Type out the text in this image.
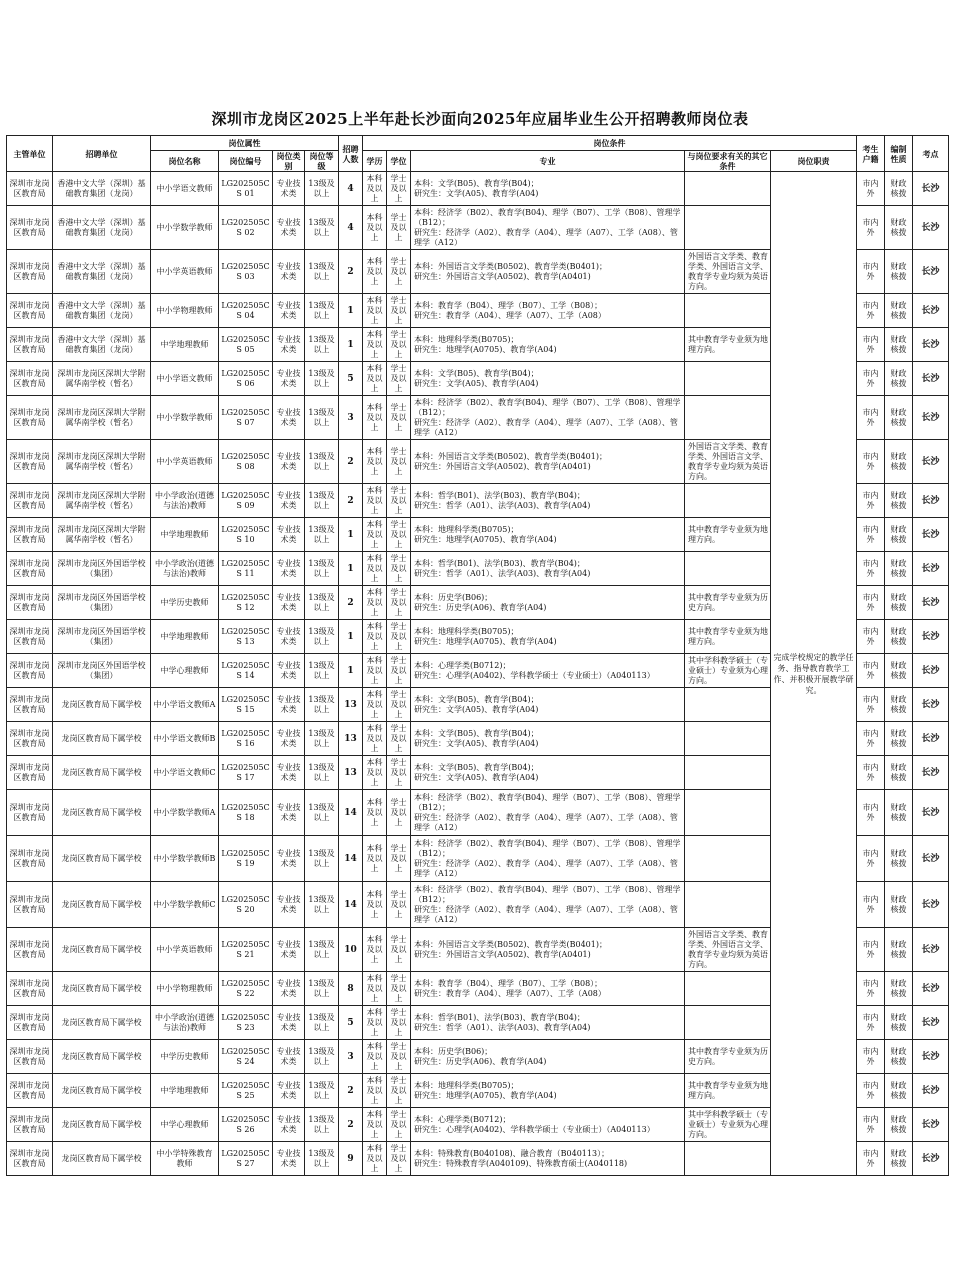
深圳市龙岗区2025上半年赴长沙面向2025年应届毕业生公开招聘教师岗位表
主管单位	招聘单位	岗位属性				招聘人数	岗位条件					考生户籍	编制性质	考点
		岗位名称	岗位编号	岗位类别	岗位等级		学历	学位	专业	与岗位要求有关的其它条件	岗位职责			
深圳市龙岗区教育局	香港中文大学（深圳）基础教育集团（龙岗）	中小学语文教师	LG202505CS 01	专业技术类	13级及以上	4	本科及以上	学士及以上	本科：文学(B05)、教育学(B04)；
研究生：文学(A05)、教育学(A04)		完成学校规定的教学任务、指导教育教学工作、并积极开展教学研究。	市内外	财政核拨	长沙
深圳市龙岗区教育局	香港中文大学（深圳）基础教育集团（龙岗）	中小学数学教师	LG202505CS 02	专业技术类	13级及以上	4	本科及以上	学士及以上	本科：经济学（B02）、教育学(B04)、理学（B07）、工学（B08）、管理学（B12）；
研究生：经济学（A02）、教育学（A04）、理学（A07）、工学（A08）、管理学（A12）			市内外	财政核拨	长沙
深圳市龙岗区教育局	香港中文大学（深圳）基础教育集团（龙岗）	中小学英语教师	LG202505CS 03	专业技术类	13级及以上	2	本科及以上	学士及以上	本科：外国语言文学类(B0502)、教育学类(B0401)；
研究生：外国语言文学(A0502)、教育学(A0401)	外国语言文学类、教育学类、外国语言文学、教育学专业均须为英语方向。		市内外	财政核拨	长沙
深圳市龙岗区教育局	香港中文大学（深圳）基础教育集团（龙岗）	中小学物理教师	LG202505CS 04	专业技术类	13级及以上	1	本科及以上	学士及以上	本科：教育学（B04）、理学（B07）、工学（B08）；
研究生：教育学（A04）、理学（A07）、工学（A08）			市内外	财政核拨	长沙
深圳市龙岗区教育局	香港中文大学（深圳）基础教育集团（龙岗）	中学地理教师	LG202505CS 05	专业技术类	13级及以上	1	本科及以上	学士及以上	本科：地理科学类(B0705)；
研究生：地理学(A0705)、教育学(A04)	其中教育学专业须为地理方向。		市内外	财政核拨	长沙
深圳市龙岗区教育局	深圳市龙岗区深圳大学附属华南学校（暂名）	中小学语文教师	LG202505CS 06	专业技术类	13级及以上	5	本科及以上	学士及以上	本科：文学(B05)、教育学(B04)；
研究生：文学(A05)、教育学(A04)			市内外	财政核拨	长沙
深圳市龙岗区教育局	深圳市龙岗区深圳大学附属华南学校（暂名）	中小学数学教师	LG202505CS 07	专业技术类	13级及以上	3	本科及以上	学士及以上	本科：经济学（B02）、教育学(B04)、理学（B07）、工学（B08）、管理学（B12）；
研究生：经济学（A02）、教育学（A04）、理学（A07）、工学（A08）、管理学（A12）			市内外	财政核拨	长沙
深圳市龙岗区教育局	深圳市龙岗区深圳大学附属华南学校（暂名）	中小学英语教师	LG202505CS 08	专业技术类	13级及以上	2	本科及以上	学士及以上	本科：外国语言文学类(B0502)、教育学类(B0401)；
研究生：外国语言文学(A0502)、教育学(A0401)	外国语言文学类、教育学类、外国语言文学、教育学专业均须为英语方向。		市内外	财政核拨	长沙
深圳市龙岗区教育局	深圳市龙岗区深圳大学附属华南学校（暂名）	中小学政治(道德与法治)教师	LG202505CS 09	专业技术类	13级及以上	2	本科及以上	学士及以上	本科：哲学(B01)、法学(B03)、教育学(B04)；
研究生：哲学（A01）、法学(A03)、教育学(A04)			市内外	财政核拨	长沙
深圳市龙岗区教育局	深圳市龙岗区深圳大学附属华南学校（暂名）	中学地理教师	LG202505CS 10	专业技术类	13级及以上	1	本科及以上	学士及以上	本科：地理科学类(B0705)；
研究生：地理学(A0705)、教育学(A04)	其中教育学专业须为地理方向。		市内外	财政核拨	长沙
深圳市龙岗区教育局	深圳市龙岗区外国语学校（集团）	中小学政治(道德与法治)教师	LG202505CS 11	专业技术类	13级及以上	1	本科及以上	学士及以上	本科：哲学(B01)、法学(B03)、教育学(B04)；
研究生：哲学（A01）、法学(A03)、教育学(A04)			市内外	财政核拨	长沙
深圳市龙岗区教育局	深圳市龙岗区外国语学校（集团）	中学历史教师	LG202505CS 12	专业技术类	13级及以上	2	本科及以上	学士及以上	本科：历史学(B06)；
研究生：历史学(A06)、教育学(A04)	其中教育学专业须为历史方向。		市内外	财政核拨	长沙
深圳市龙岗区教育局	深圳市龙岗区外国语学校（集团）	中学地理教师	LG202505CS 13	专业技术类	13级及以上	1	本科及以上	学士及以上	本科：地理科学类(B0705)；
研究生：地理学(A0705)、教育学(A04)	其中教育学专业须为地理方向。		市内外	财政核拨	长沙
深圳市龙岗区教育局	深圳市龙岗区外国语学校（集团）	中学心理教师	LG202505CS 14	专业技术类	13级及以上	1	本科及以上	学士及以上	本科：心理学类(B0712)；
研究生：心理学(A0402)、学科教学硕士（专业硕士）（A040113）	其中学科教学硕士（专业硕士）专业须为心理方向。		市内外	财政核拨	长沙
深圳市龙岗区教育局	龙岗区教育局下属学校	中小学语文教师A	LG202505CS 15	专业技术类	13级及以上	13	本科及以上	学士及以上	本科：文学(B05)、教育学(B04)；
研究生：文学(A05)、教育学(A04)			市内外	财政核拨	长沙
深圳市龙岗区教育局	龙岗区教育局下属学校	中小学语文教师B	LG202505CS 16	专业技术类	13级及以上	13	本科及以上	学士及以上	本科：文学(B05)、教育学(B04)；
研究生：文学(A05)、教育学(A04)			市内外	财政核拨	长沙
深圳市龙岗区教育局	龙岗区教育局下属学校	中小学语文教师C	LG202505CS 17	专业技术类	13级及以上	13	本科及以上	学士及以上	本科：文学(B05)、教育学(B04)；
研究生：文学(A05)、教育学(A04)			市内外	财政核拨	长沙
深圳市龙岗区教育局	龙岗区教育局下属学校	中小学数学教师A	LG202505CS 18	专业技术类	13级及以上	14	本科及以上	学士及以上	本科：经济学（B02）、教育学(B04)、理学（B07）、工学（B08）、管理学（B12）；
研究生：经济学（A02）、教育学（A04）、理学（A07）、工学（A08）、管理学（A12）			市内外	财政核拨	长沙
深圳市龙岗区教育局	龙岗区教育局下属学校	中小学数学教师B	LG202505CS 19	专业技术类	13级及以上	14	本科及以上	学士及以上	本科：经济学（B02）、教育学(B04)、理学（B07）、工学（B08）、管理学（B12）；
研究生：经济学（A02）、教育学（A04）、理学（A07）、工学（A08）、管理学（A12）			市内外	财政核拨	长沙
深圳市龙岗区教育局	龙岗区教育局下属学校	中小学数学教师C	LG202505CS 20	专业技术类	13级及以上	14	本科及以上	学士及以上	本科：经济学（B02）、教育学(B04)、理学（B07）、工学（B08）、管理学（B12）；
研究生：经济学（A02）、教育学（A04）、理学（A07）、工学（A08）、管理学（A12）			市内外	财政核拨	长沙
深圳市龙岗区教育局	龙岗区教育局下属学校	中小学英语教师	LG202505CS 21	专业技术类	13级及以上	10	本科及以上	学士及以上	本科：外国语言文学类(B0502)、教育学类(B0401)；
研究生：外国语言文学(A0502)、教育学(A0401)	外国语言文学类、教育学类、外国语言文学、教育学专业均须为英语方向。		市内外	财政核拨	长沙
深圳市龙岗区教育局	龙岗区教育局下属学校	中小学物理教师	LG202505CS 22	专业技术类	13级及以上	8	本科及以上	学士及以上	本科：教育学（B04）、理学（B07）、工学（B08）；
研究生：教育学（A04）、理学（A07）、工学（A08）			市内外	财政核拨	长沙
深圳市龙岗区教育局	龙岗区教育局下属学校	中小学政治(道德与法治)教师	LG202505CS 23	专业技术类	13级及以上	5	本科及以上	学士及以上	本科：哲学(B01)、法学(B03)、教育学(B04)；
研究生：哲学（A01）、法学(A03)、教育学(A04)			市内外	财政核拨	长沙
深圳市龙岗区教育局	龙岗区教育局下属学校	中学历史教师	LG202505CS 24	专业技术类	13级及以上	3	本科及以上	学士及以上	本科：历史学(B06)；
研究生：历史学(A06)、教育学(A04)	其中教育学专业须为历史方向。		市内外	财政核拨	长沙
深圳市龙岗区教育局	龙岗区教育局下属学校	中学地理教师	LG202505CS 25	专业技术类	13级及以上	2	本科及以上	学士及以上	本科：地理科学类(B0705)；
研究生：地理学(A0705)、教育学(A04)	其中教育学专业须为地理方向。		市内外	财政核拨	长沙
深圳市龙岗区教育局	龙岗区教育局下属学校	中学心理教师	LG202505CS 26	专业技术类	13级及以上	2	本科及以上	学士及以上	本科：心理学类(B0712)；
研究生：心理学(A0402)、学科教学硕士（专业硕士）（A040113）	其中学科教学硕士（专业硕士）专业须为心理方向。		市内外	财政核拨	长沙
深圳市龙岗区教育局	龙岗区教育局下属学校	中小学特殊教育教师	LG202505CS 27	专业技术类	13级及以上	9	本科及以上	学士及以上	本科：特殊教育(B040108)、融合教育（B040113）；
研究生：特殊教育学(A040109)、特殊教育硕士(A040118)			市内外	财政核拨	长沙
